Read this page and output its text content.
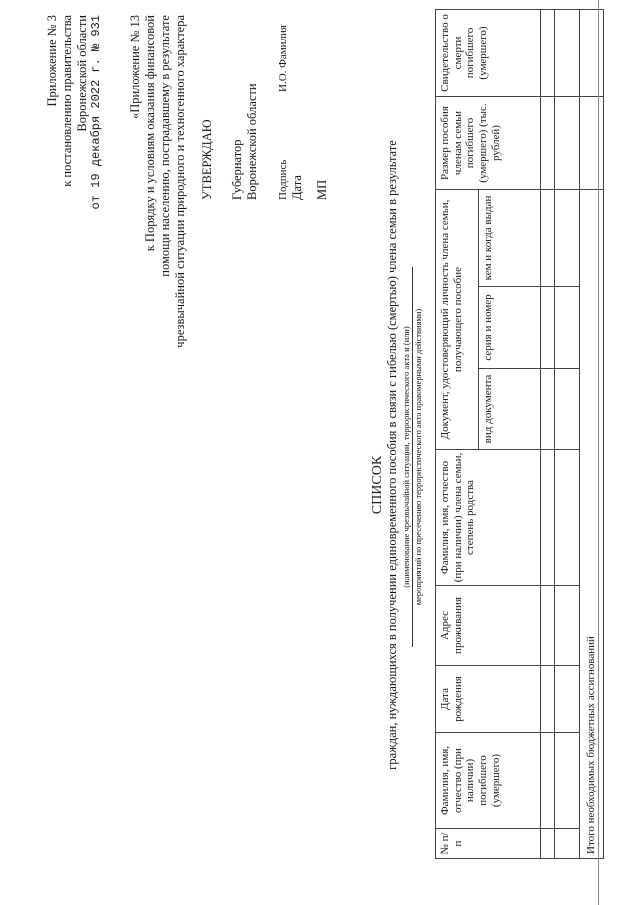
Приложение № 3 к постановлению правительства Воронежской области от 19 декабря 2022 г. № 931 «Приложение № 13 к Порядку и условиям оказания финансовой помощи населению, пострадавшему в результате чрезвычайной ситуации природного и техногенного характера УТВЕРЖДАЮ Губернатор Воронежской области Подпись
И.О. Фамилия
Дата МП
СПИСОК граждан, нуждающихся в получении единовременного пособия в связи с гибелью (смертью) члена семьи в результате (наименование чрезвычайной ситуации, террористического акта и (или) мероприятий по пресечению террористического акта правомерными действиями)
№ п/п	Фамилия, имя, отчество (при наличии) погибшего (умершего)	Дата рождения	Адрес проживания	Фамилия, имя, отчество (при наличии) члена семьи, степень родства	Документ, удостоверяющий личность члена семьи, получающего пособие			Размер пособия членам семьи погибшего (умершего) (тыс. рублей)	Свидетельство о смерти погибшего (умершего)
					вид документа	серия и номер	кем и когда выдан		

Итого необходимых бюджетных ассигнований									
